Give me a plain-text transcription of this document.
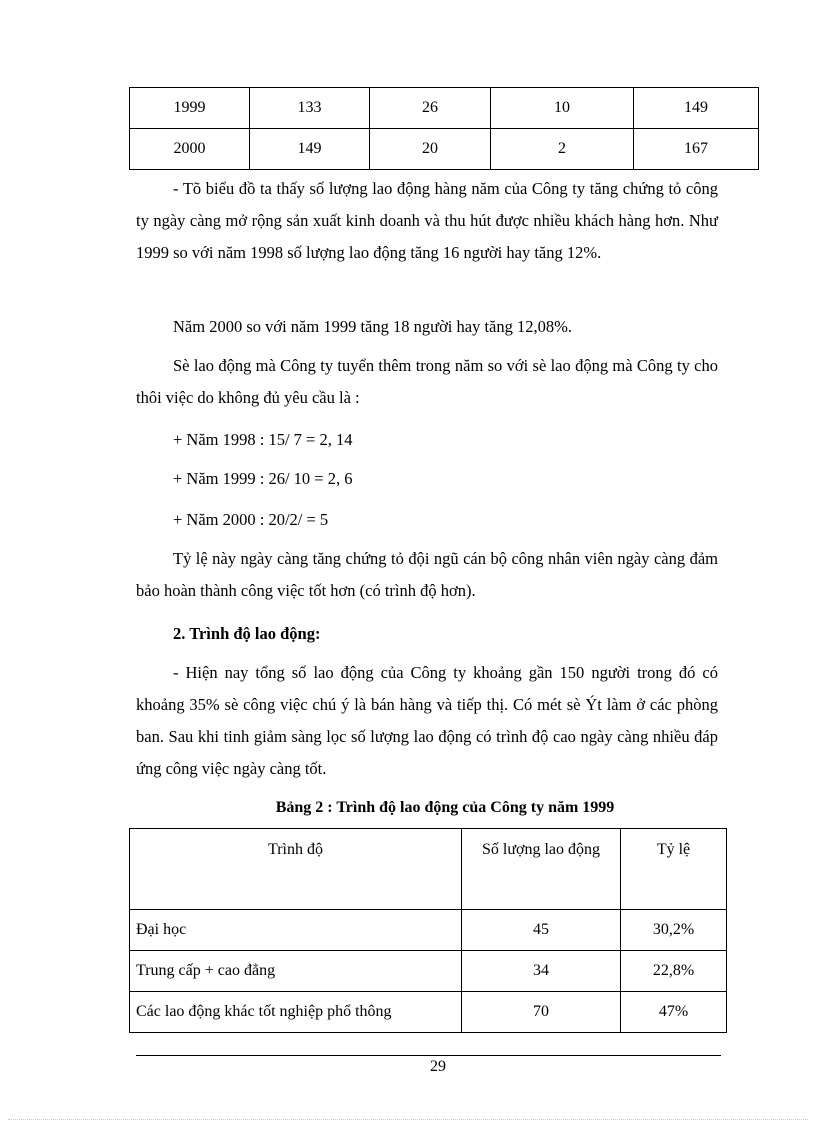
1999	133	26	10	149
2000	149	20	2	167

- Tõ biểu đồ ta thấy số lượng lao động hàng năm của Công ty tăng chứng tỏ công ty ngày càng mở rộng sản xuất kinh doanh và thu hút được nhiều khách hàng hơn. Như 1999 so với năm 1998 số lượng lao động tăng 16 người hay tăng 12%.

Năm 2000 so với năm 1999 tăng 18 người hay tăng 12,08%.

Sè lao động mà Công ty tuyển thêm trong năm so với sè lao động mà Công ty cho thôi việc do không đủ yêu cầu là :

+ Năm 1998 : 15/ 7 = 2, 14

+ Năm 1999 : 26/ 10 = 2, 6

+ Năm 2000 : 20/2/ = 5

Tỷ lệ này ngày càng tăng chứng tỏ đội ngũ cán bộ công nhân viên ngày càng đảm bảo hoàn thành công việc tốt hơn (có trình độ hơn).

2. Trình độ lao động:

- Hiện nay tổng số lao động của Công ty khoảng gần 150 người trong đó có khoảng 35% sè công việc chú ý là bán hàng và tiếp thị. Có mét sè Ýt làm ở các phòng ban. Sau khi tinh giảm sàng lọc số lượng lao động có trình độ cao ngày càng nhiều đáp ứng công việc ngày càng tốt.

Bảng 2 : Trình độ lao động của Công ty năm 1999

Trình độ	Số lượng lao động	Tỷ lệ
Đại học	45	30,2%
Trung cấp + cao đẳng	34	22,8%
Các lao động khác tốt nghiệp phổ thông	70	47%
29
